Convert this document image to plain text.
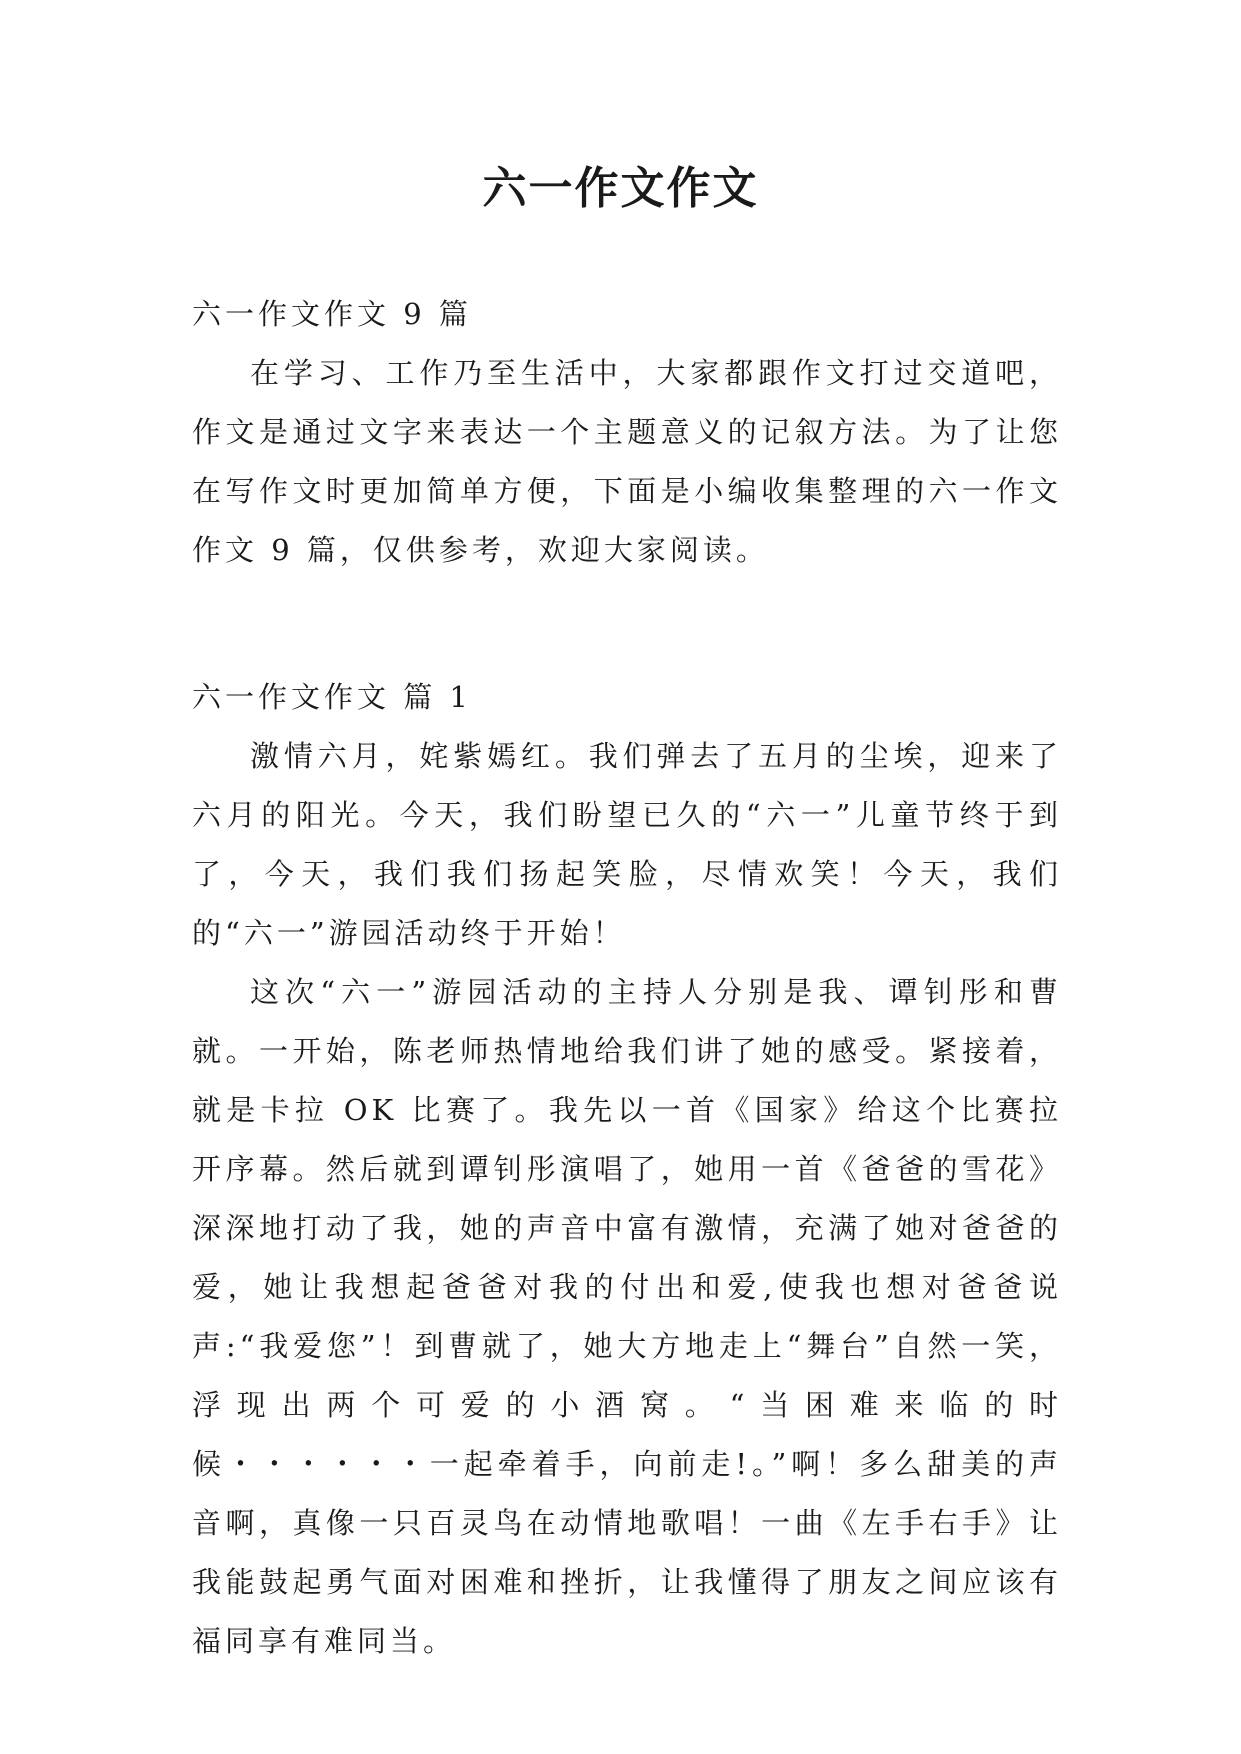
六一作文作文

六一作文作文 9 篇

在学习、工作乃至生活中，大家都跟作文打过交道吧，作文是通过文字来表达一个主题意义的记叙方法。为了让您在写作文时更加简单方便，下面是小编收集整理的六一作文作文 9 篇，仅供参考，欢迎大家阅读。

六一作文作文 篇 1

激情六月，姹紫嫣红。我们弹去了五月的尘埃，迎来了六月的阳光。今天，我们盼望已久的“六一”儿童节终于到了，今天，我们我们扬起笑脸，尽情欢笑！今天，我们的“六一”游园活动终于开始！

这次“六一”游园活动的主持人分别是我、谭钊彤和曹就。一开始，陈老师热情地给我们讲了她的感受。紧接着，就是卡拉 OK 比赛了。我先以一首《国家》给这个比赛拉开序幕。然后就到谭钊彤演唱了，她用一首《爸爸的雪花》深深地打动了我，她的声音中富有激情，充满了她对爸爸的爱，她让我想起爸爸对我的付出和爱,使我也想对爸爸说声:“我爱您”！到曹就了，她大方地走上“舞台”自然一笑，浮现出两个可爱的小酒窝。“当困难来临的时候・・・・・・一起牵着手，向前走!。”啊！多么甜美的声音啊，真像一只百灵鸟在动情地歌唱！一曲《左手右手》让我能鼓起勇气面对困难和挫折，让我懂得了朋友之间应该有福同享有难同当。
